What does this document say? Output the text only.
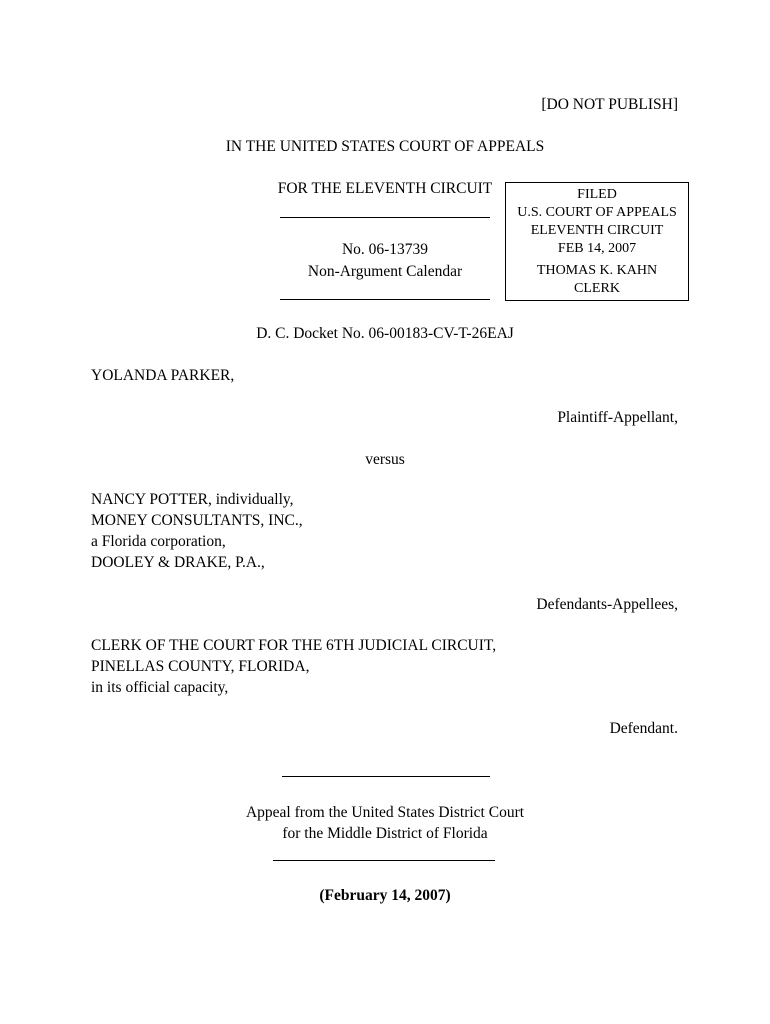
[DO NOT PUBLISH]
IN THE UNITED STATES COURT OF APPEALS
FOR THE ELEVENTH CIRCUIT
No. 06-13739
Non-Argument Calendar
FILED
U.S. COURT OF APPEALS
ELEVENTH CIRCUIT
FEB 14, 2007
THOMAS K. KAHN
CLERK
D. C. Docket No. 06-00183-CV-T-26EAJ
YOLANDA PARKER,
Plaintiff-Appellant,
versus
NANCY POTTER, individually,
MONEY CONSULTANTS, INC.,
a Florida corporation,
DOOLEY & DRAKE, P.A.,
Defendants-Appellees,
CLERK OF THE COURT FOR THE 6TH JUDICIAL CIRCUIT,
PINELLAS COUNTY, FLORIDA,
in its official capacity,
Defendant.
Appeal from the United States District Court
for the Middle District of Florida
(February 14, 2007)
